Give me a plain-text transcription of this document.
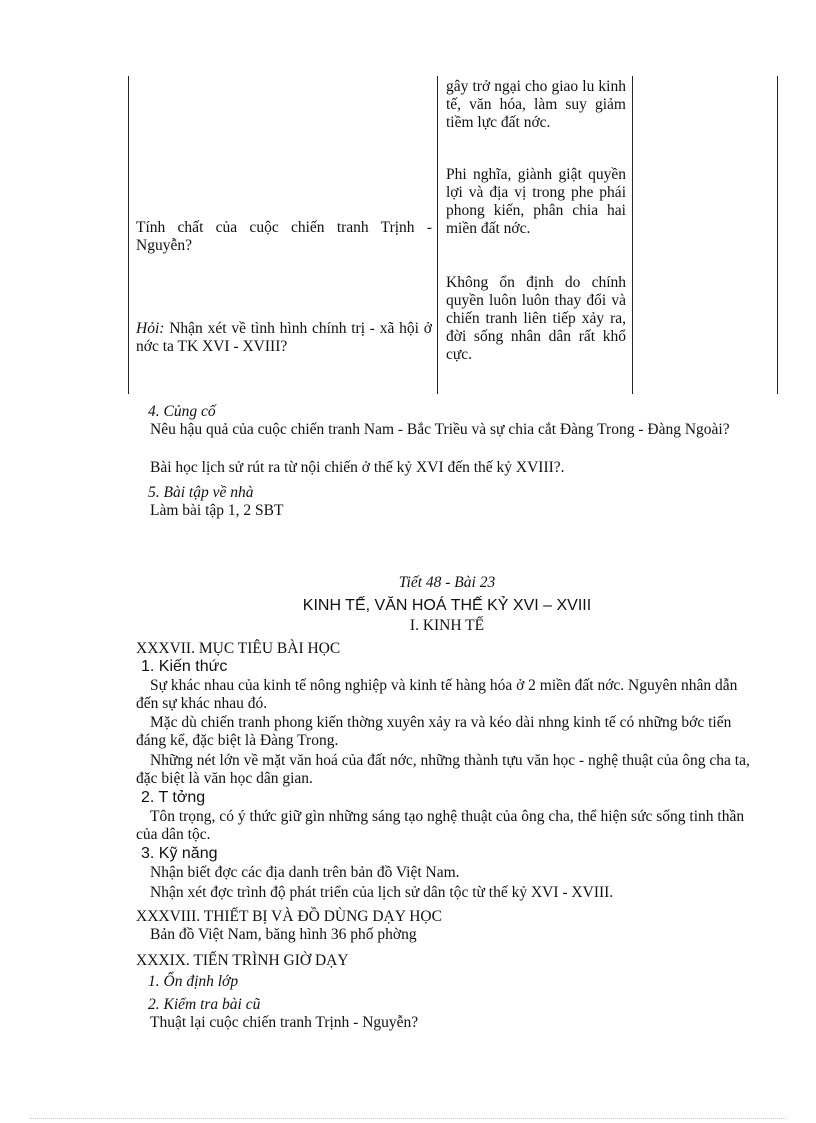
gây trở ngại cho giao lu kinh tế, văn hóa, làm suy giảm tiềm lực đất nớc.

Phi nghĩa, giành giật quyền lợi và địa vị trong phe phái phong kiến, phân chia hai miền đất nớc.

Không ổn định do chính quyền luôn luôn thay đổi và chiến tranh liên tiếp xảy ra, đời sống nhân dân rất khổ cực.

Tính chất của cuộc chiến tranh Trịnh - Nguyễn?

Hỏi: Nhận xét về tình hình chính trị - xã hội ở nớc ta TK XVI - XVIII?

4. Củng cố

Nêu hậu quả của cuộc chiến tranh Nam - Bắc Triều và sự chia cắt Đàng Trong - Đàng Ngoài?

Bài học lịch sử rút ra từ nội chiến ở thế kỷ XVI đến thế kỷ XVIII?.

5. Bài tập về nhà

Làm bài tập 1, 2 SBT

Tiết 48 - Bài 23

KINH TẾ, VĂN HOÁ THẾ KỶ XVI – XVIII

I. KINH TẾ

XXXVII. MỤC TIÊU BÀI HỌC

1. Kiến thức

Sự khác nhau của kinh tế nông nghiệp và kinh tế hàng hóa ở 2 miền đất nớc. Nguyên nhân dẫn đến sự khác nhau đó.

Mặc dù chiến tranh phong kiến thờng xuyên xảy ra và kéo dài nhng kinh tế có những bớc tiến đáng kể, đặc biệt là Đàng Trong.

Những nét lớn về mặt văn hoá của đất nớc, những thành tựu văn học - nghệ thuật của ông cha ta, đặc biệt là văn học dân gian.

2. T tởng

Tôn trọng, có ý thức giữ gìn những sáng tạo nghệ thuật của ông cha, thể hiện sức sống tinh thần của dân tộc.

3. Kỹ năng

Nhận biết đợc các địa danh trên bản đồ Việt Nam.

Nhận xét đợc trình độ phát triển của lịch sử dân tộc từ thế kỷ XVI - XVIII.

XXXVIII. THIẾT BỊ VÀ ĐỒ DÙNG DẠY HỌC

Bản đồ Việt Nam, băng hình 36 phố phờng

XXXIX. TIẾN TRÌNH GIỜ DẠY

1. Ổn định lớp

2. Kiểm tra bài cũ

Thuật lại cuộc chiến tranh Trịnh - Nguyễn?
